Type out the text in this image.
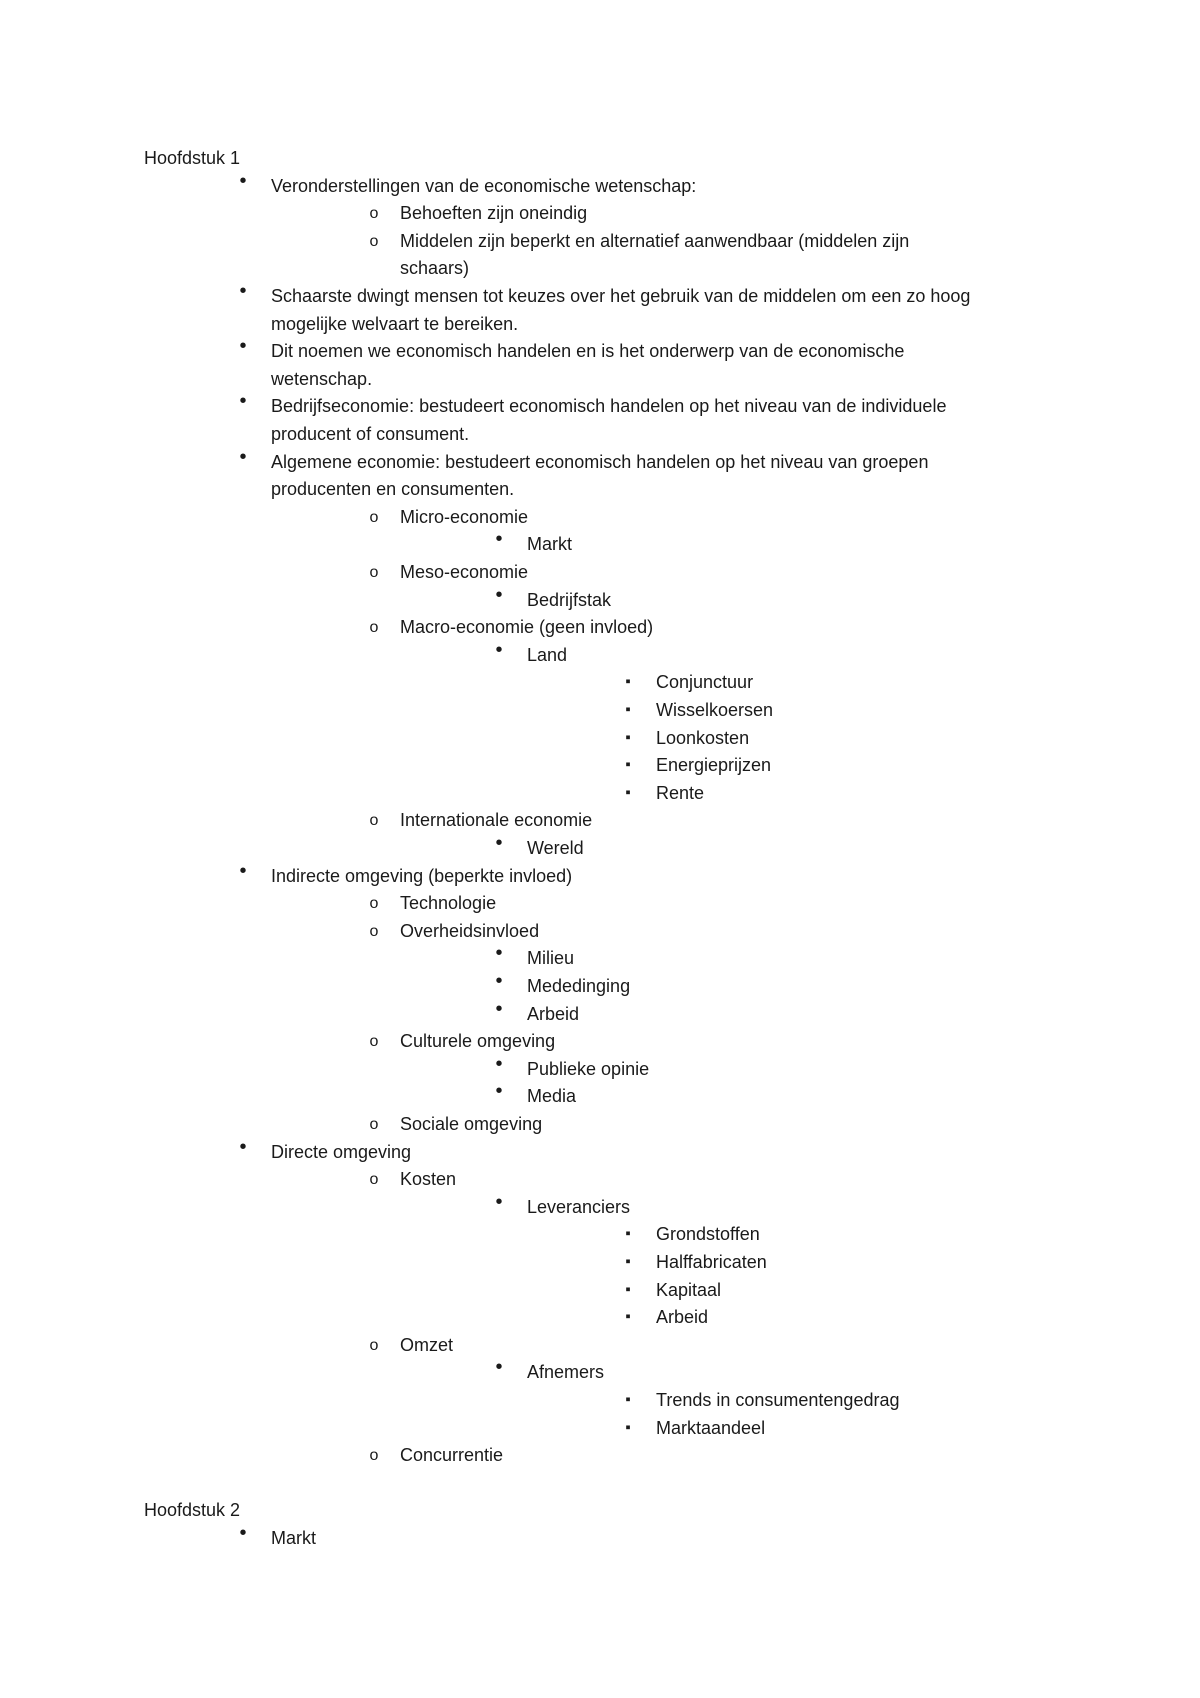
Hoofdstuk 1
•	Veronderstellingen van de economische wetenschap:
o	Behoeften zijn oneindig
o	Middelen zijn beperkt en alternatief aanwendbaar (middelen zijn
schaars)
•	Schaarste dwingt mensen tot keuzes over het gebruik van de middelen om een zo hoog
mogelijke welvaart te bereiken.
•	Dit noemen we economisch handelen en is het onderwerp van de economische
wetenschap.
•	Bedrijfseconomie: bestudeert economisch handelen op het niveau van de individuele
producent of consument.
•	Algemene economie: bestudeert economisch handelen op het niveau van groepen
producenten en consumenten.
o	Micro-economie
•	Markt
o	Meso-economie
•	Bedrijfstak
o	Macro-economie (geen invloed)
•	Land
▪	Conjunctuur
▪	Wisselkoersen
▪	Loonkosten
▪	Energieprijzen
▪	Rente
o	Internationale economie
•	Wereld
•	Indirecte omgeving (beperkte invloed)
o	Technologie
o	Overheidsinvloed
•	Milieu
•	Mededinging
•	Arbeid
o	Culturele omgeving
•	Publieke opinie
•	Media
o	Sociale omgeving
•	Directe omgeving
o	Kosten
•	Leveranciers
▪	Grondstoffen
▪	Halffabricaten
▪	Kapitaal
▪	Arbeid
o	Omzet
•	Afnemers
▪	Trends in consumentengedrag
▪	Marktaandeel
o	Concurrentie
Hoofdstuk 2
•	Markt
